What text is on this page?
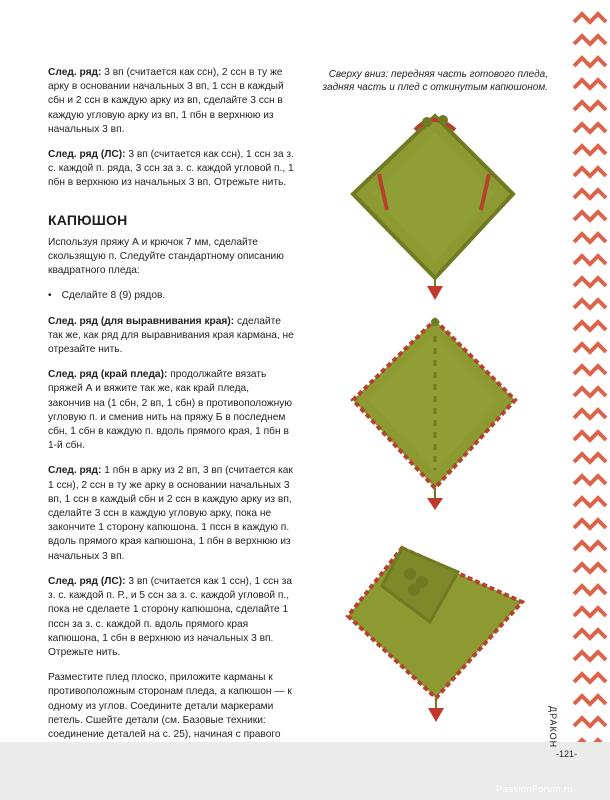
След. ряд: 3 вп (считается как ссн), 2 ссн в ту же арку в основании начальных 3 вп, 1 ссн в каждый сбн и 2 ссн в каждую арку из вп, сделайте 3 ссн в каждую угловую арку из вп, 1 пбн в верхнюю из начальных 3 вп.

След. ряд (ЛС): 3 вп (считается как ссн), 1 ссн за з. с. каждой п. ряда, 3 ссн за з. с. каждой угловой п., 1 пбн в верхнюю из начальных 3 вп. Отрежьте нить.

КАПЮШОН

Используя пряжу А и крючок 7 мм, сделайте скользящую п. Следуйте стандартному описанию квадратного пледа:

• Сделайте 8 (9) рядов.

След. ряд (для выравнивания края): сделайте так же, как ряд для выравнивания края кармана, не отрезайте нить.

След. ряд (край пледа): продолжайте вязать пряжей А и вяжите так же, как край пледа, закончив на (1 сбн, 2 вп, 1 сбн) в противоположную угловую п. и сменив нить на пряжу Б в последнем сбн, 1 сбн в каждую п. вдоль прямого края, 1 пбн в 1-й сбн.

След. ряд: 1 пбн в арку из 2 вп, 3 вп (считается как 1 ссн), 2 ссн в ту же арку в основании начальных 3 вп, 1 ссн в каждый сбн и 2 ссн в каждую арку из вп, сделайте 3 ссн в каждую угловую арку, пока не закончите 1 сторону капюшона. 1 пссн в каждую п. вдоль прямого края капюшона, 1 пбн в верхнюю из начальных 3 вп.

След. ряд (ЛС): 3 вп (считается как 1 ссн), 1 ссн за з. с. каждой п. Р., и 5 ссн за з. с. каждой угловой п., пока не сделаете 1 сторону капюшона, сделайте 1 пссн за з. с. каждой п. вдоль прямого края капюшона, 1 сбн в верхнюю из начальных 3 вп. Отрежьте нить.

Разместите плед плоско, приложите карманы к противоположным сторонам пледа, а капюшон — к одному из углов. Соедините детали маркерами петель. Сшейте детали (см. Базовые техники: соединение деталей на с. 25), начиная с правого

Сверху вниз: передняя часть готового пледа, задняя часть и плед с откинутым капюшоном.
ДРАКОН
-121-
PassionForum.ru
